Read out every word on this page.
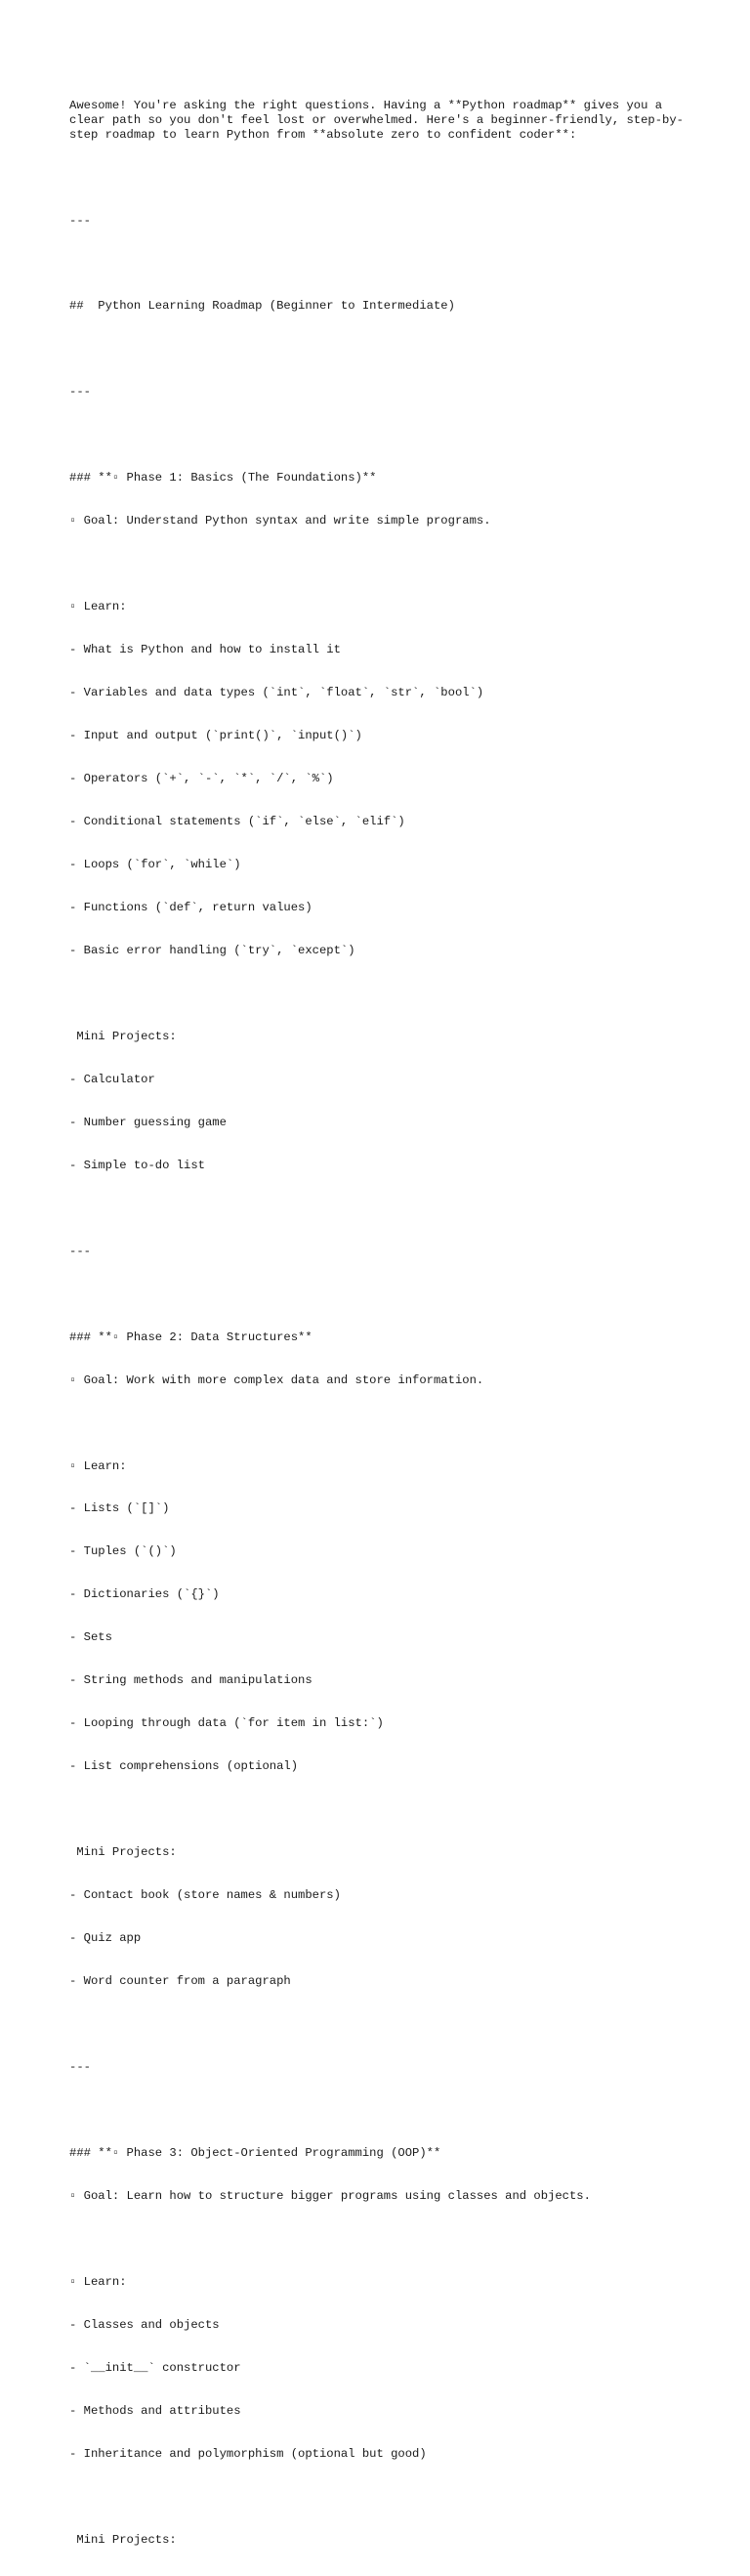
Awesome! You're asking the right questions. Having a **Python roadmap** gives you a clear path so you don't feel lost or overwhelmed. Here's a beginner-friendly, step-by-step roadmap to learn Python from **absolute zero to confident coder**:

---

##  Python Learning Roadmap (Beginner to Intermediate)

---

### **▫ Phase 1: Basics (The Foundations)**

▫ Goal: Understand Python syntax and write simple programs.

▫ Learn:

- What is Python and how to install it

- Variables and data types (`int`, `float`, `str`, `bool`)

- Input and output (`print()`, `input()`)

- Operators (`+`, `-`, `*`, `/`, `%`)

- Conditional statements (`if`, `else`, `elif`)

- Loops (`for`, `while`)

- Functions (`def`, return values)

- Basic error handling (`try`, `except`)

Mini Projects:

- Calculator

- Number guessing game

- Simple to-do list

---

### **▫ Phase 2: Data Structures**

▫ Goal: Work with more complex data and store information.

▫ Learn:

- Lists (`[]`)

- Tuples (`()`)

- Dictionaries (`{}`)

- Sets

- String methods and manipulations

- Looping through data (`for item in list:`)

- List comprehensions (optional)

Mini Projects:

- Contact book (store names & numbers)

- Quiz app

- Word counter from a paragraph

---

### **▫ Phase 3: Object-Oriented Programming (OOP)**

▫ Goal: Learn how to structure bigger programs using classes and objects.

▫ Learn:

- Classes and objects

- `__init__` constructor

- Methods and attributes

- Inheritance and polymorphism (optional but good)

Mini Projects:
